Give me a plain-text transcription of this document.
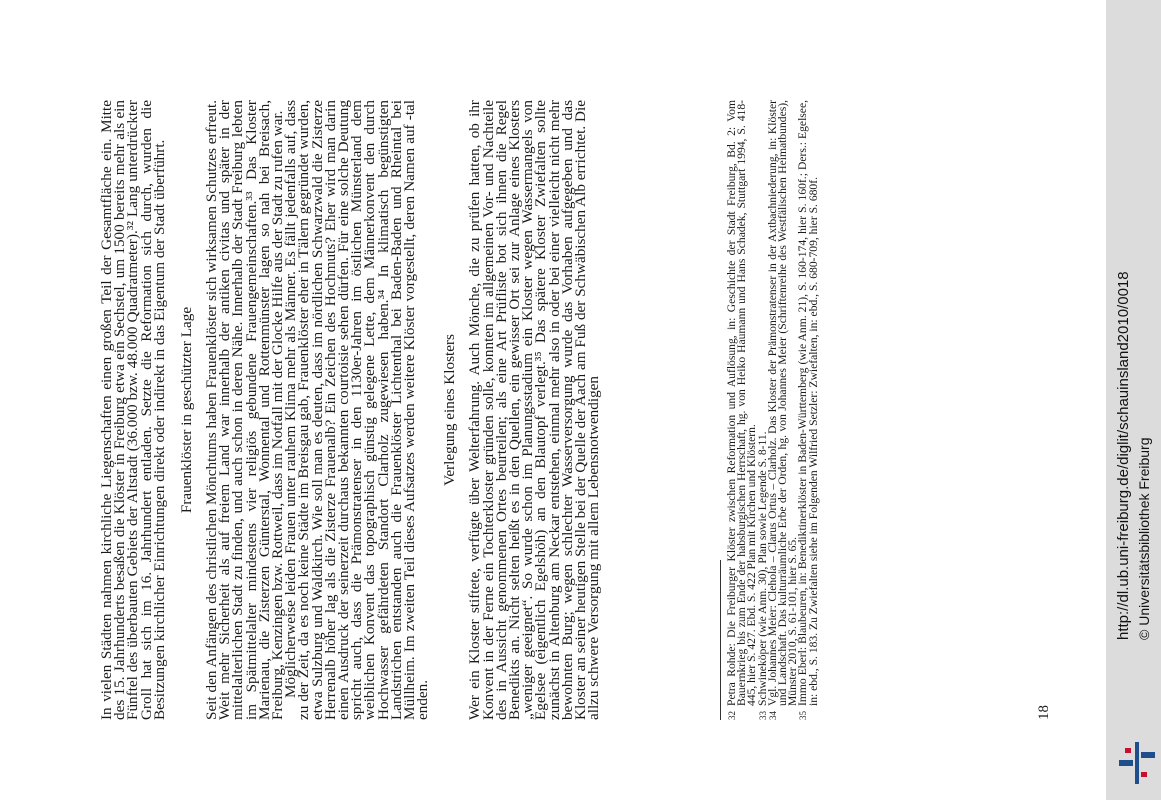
In vielen Städten nahmen kirchliche Liegenschaften einen großen Teil der Gesamtfläche ein. Mitte des 15. Jahrhunderts besaßen die Klöster in Freiburg etwa ein Sechstel, um 1500 bereits mehr als ein Fünftel des überbauten Gebiets der Altstadt (36.000 bzw. 48.000 Quadratmeter).³² Lang unterdrückter Groll hat sich im 16. Jahrhundert entladen. Setzte die Reformation sich durch, wurden die Besitzungen kirchlicher Einrichtungen direkt oder indirekt in das Eigentum der Stadt überführt. Frauenklöster in geschützter Lage Seit den Anfängen des christlichen Mönchtums haben Frauenklöster sich wirksamen Schutzes erfreut. Weit mehr Sicherheit als auf freiem Land war innerhalb der antiken civitas und später in der mittelalterlichen Stadt zu finden, und auch schon in deren Nähe. Innerhalb der Stadt Freiburg lebten im Spätmittelalter mindestens vier religiös gebundene Frauengemeinschaften.³³ Das Kloster Marienau, die Zisterzen Günterstal, Wonnental und Rottenmünster lagen so nah bei Breisach, Freiburg, Kenzingen bzw. Rottweil, dass im Notfall mit der Glocke Hilfe aus der Stadt zu rufen war.

Möglicherweise leiden Frauen unter rauhem Klima mehr als Männer. Es fällt jedenfalls auf, dass zu der Zeit, da es noch keine Städte im Breisgau gab, Frauenklöster eher in Tälern gegründet wurden, etwa Sulzburg und Waldkirch. Wie soll man es deuten, dass im nördlichen Schwarzwald die Zisterze Herrenalb höher lag als die Zisterze Frauenalb? Ein Zeichen des Hochmuts? Eher wird man darin einen Ausdruck der seinerzeit durchaus bekannten courtoisie sehen dürfen. Für eine solche Deutung spricht auch, dass die Prämonstratenser in den 1130er-Jahren im östlichen Münsterland dem weiblichen Konvent das topographisch günstig gelegene Lette, dem Männerkonvent den durch Hochwasser gefährdeten Standort Clarholz zugewiesen haben.³⁴ In klimatisch begünstigten Landstrichen entstanden auch die Frauenklöster Lichtenthal bei Baden-Baden und Rheintal bei Müllheim. Im zweiten Teil dieses Aufsatzes werden weitere Klöster vorgestellt, deren Namen auf -tal enden.

Verlegung eines Klosters Wer ein Kloster stiftete, verfügte über Welterfahrung. Auch Mönche, die zu prüfen hatten, ob ihr Konvent in der Ferne ein Tochterkloster gründen solle, konnten im allgemeinen Vor- und Nachteile des in Aussicht genommenen Ortes beurteilen; als eine Art Prüfliste bot sich ihnen die Regel Benedikts an. Nicht selten heißt es in den Quellen, ein gewisser Ort sei zur Anlage eines Klosters „weniger geeignet“. So wurde schon im Planungsstadium ein Kloster wegen Wassermangels von Egelsee (eigentlich Egelshöh) an den Blautopf verlegt.³⁵ Das spätere Kloster Zwiefalten sollte zunächst in Altenburg am Neckar entstehen, einmal mehr also in oder bei einer vielleicht nicht mehr bewohnten Burg; wegen schlechter Wasserversorgung wurde das Vorhaben aufgegeben und das Kloster an seiner heutigen Stelle bei der Quelle der Aach am Fuß der Schwäbischen Alb errichtet. Die allzu schwere Versorgung mit allem Lebensnotwendigen	32
Petra Rohde: Die Freiburger Klöster zwischen Reformation und Auflösung, in: Geschichte der Stadt Freiburg, Bd. 2: Vom Bauernkrieg bis zum Ende der habsburgischen Herrschaft, hg. von Heiko Haumann und Hans Schadek, Stuttgart 1994, S. 418-445, hier S. 427. Ebd. S. 422 Plan mit Kirchen und Klöstern.
33
Schwineköper (wie Anm. 30), Plan sowie Legende S. 8-11.
34
Vgl. Johannes Meier: Clehola – Clarus Ortus – Clarholz. Das Kloster der Prämonstratenser in der Axtbachniederung, in: Klöster und Landschaft. Das kulturräumliche Erbe der Orden, hg. von Johannes Meier (Schriftenreihe des Westfälischen Heimatbundes), Münster 2010, S. 61-101, hier S. 65.
35
Immo Eberl: Blaubeuren, in: Benediktinerklöster in Baden-Württemberg (wie Anm. 21), S. 160-174, hier S. 160f.; Ders.: Egelsee, in: ebd., S. 183. Zu Zwiefalten siehe im Folgenden Wilfried Setzler: Zwiefalten, in: ebd., S. 680-709, hier S. 680f.
18
http://dl.ub.uni-freiburg.de/diglit/schauinsland2010/0018 © Universitätsbibliothek Freiburg
